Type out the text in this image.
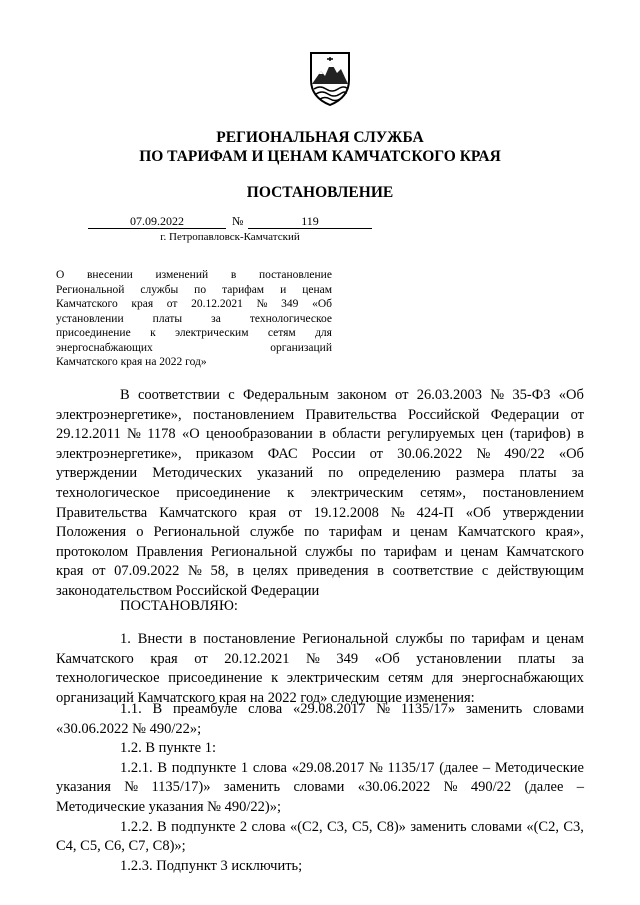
РЕГИОНАЛЬНАЯ СЛУЖБА
ПО ТАРИФАМ И ЦЕНАМ КАМЧАТСКОГО КРАЯ
ПОСТАНОВЛЕНИЕ
07.09.2022	№	119
г. Петропавловск-Камчатский
О внесении изменений в постановление
Региональной службы по тарифам и ценам
Камчатского края от 20.12.2021 № 349 «Об
установлении	платы	за	технологическое
присоединение к электрическим сетям для
энергоснабжающих	организаций
Камчатского края на 2022 год»
В соответствии с Федеральным законом от 26.03.2003 № 35-ФЗ «Об
электроэнергетике», постановлением Правительства Российской Федерации от
29.12.2011 № 1178 «О ценообразовании в области регулируемых цен (тарифов) в
электроэнергетике», приказом ФАС России от 30.06.2022 № 490/22 «Об
утверждении Методических указаний по определению размера платы за
технологическое присоединение к электрическим сетям», постановлением
Правительства Камчатского края от 19.12.2008 № 424-П «Об утверждении
Положения о Региональной службе по тарифам и ценам Камчатского края»,
протоколом Правления Региональной службы по тарифам и ценам Камчатского
края от 07.09.2022 № 58, в целях приведения в соответствие с действующим
законодательством Российской Федерации
ПОСТАНОВЛЯЮ:
1. Внести в постановление Региональной службы по тарифам и ценам
Камчатского края от 20.12.2021 № 349 «Об установлении платы за
технологическое присоединение к электрическим сетям для энергоснабжающих
организаций Камчатского края на 2022 год» следующие изменения:
1.1. В преамбуле слова «29.08.2017 № 1135/17» заменить словами
«30.06.2022 № 490/22»;
1.2. В пункте 1:
1.2.1. В подпункте 1 слова «29.08.2017 № 1135/17 (далее – Методические
указания № 1135/17)» заменить словами «30.06.2022 № 490/22 (далее –
Методические указания № 490/22)»;
1.2.2. В подпункте 2 слова «(С2, С3, С5, С8)» заменить словами «(С2, С3,
С4, С5, С6, С7, С8)»;
1.2.3. Подпункт 3 исключить;
